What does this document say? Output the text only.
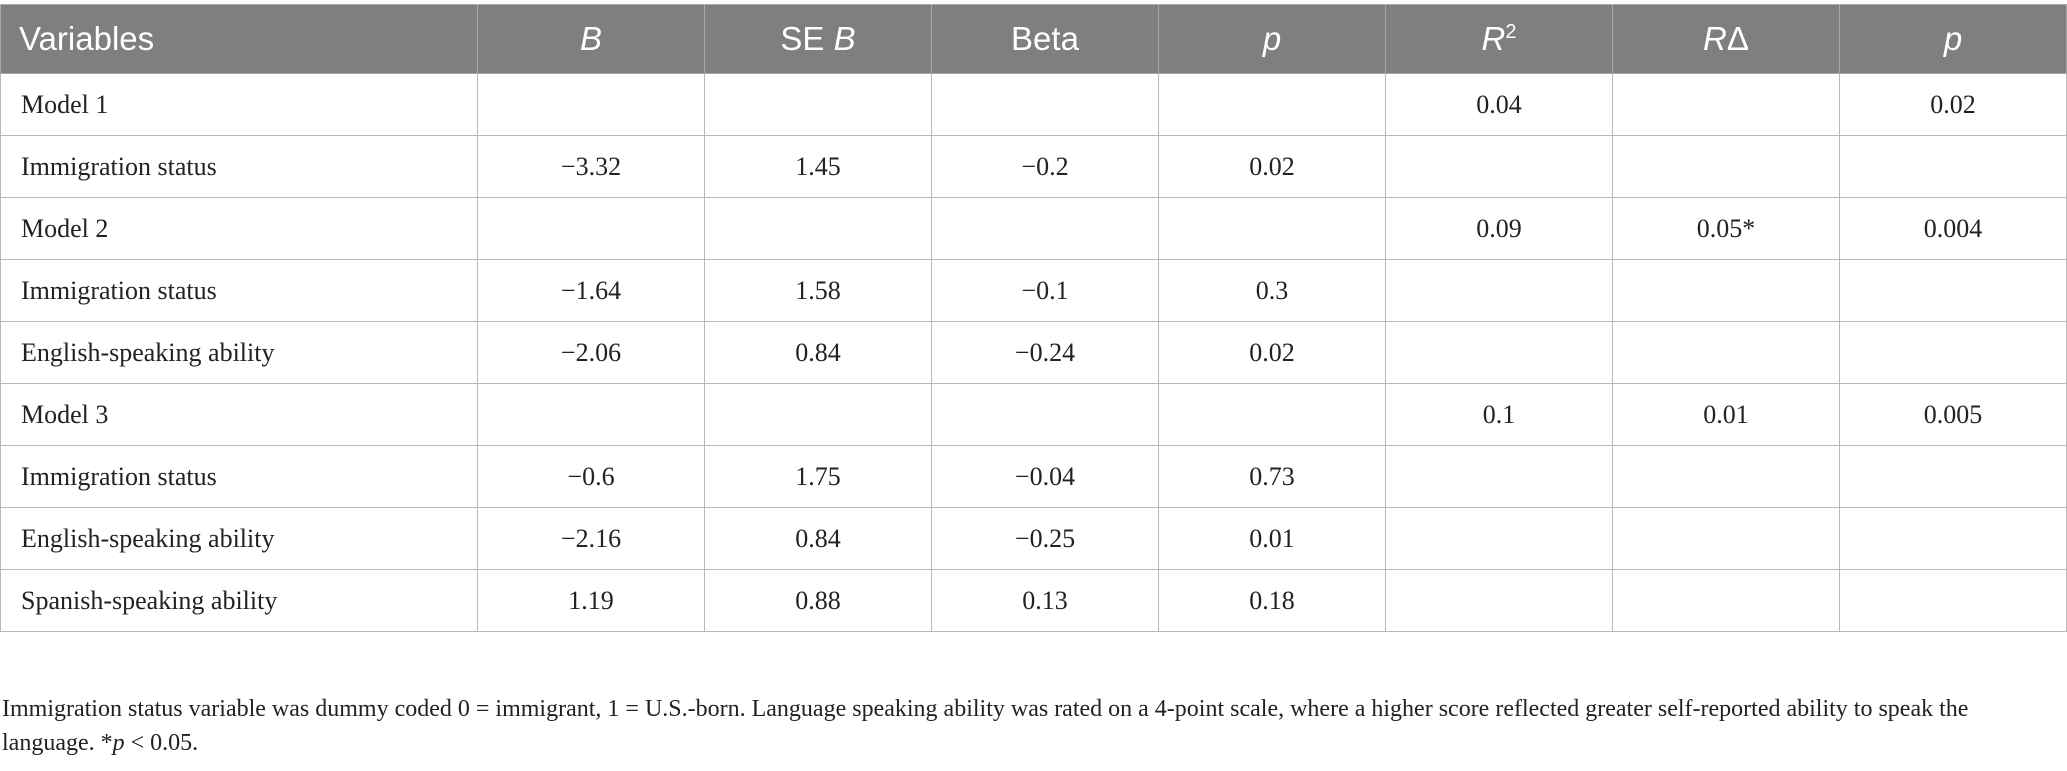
Variables	B	SE B	Beta	p	$R^2$	RΔ	p
Model 1					0.04		0.02
Immigration status	−3.32	1.45	−0.2	0.02			
Model 2					0.09	0.05*	0.004
Immigration status	−1.64	1.58	−0.1	0.3			
English-speaking ability	−2.06	0.84	−0.24	0.02			
Model 3					0.1	0.01	0.005
Immigration status	−0.6	1.75	−0.04	0.73			
English-speaking ability	−2.16	0.84	−0.25	0.01			
Spanish-speaking ability	1.19	0.88	0.13	0.18			
Immigration status variable was dummy coded 0 = immigrant, 1 = U.S.-born. Language speaking ability was rated on a 4-point scale, where a higher score reflected greater self-reported ability to speak the language. *p < 0.05.
